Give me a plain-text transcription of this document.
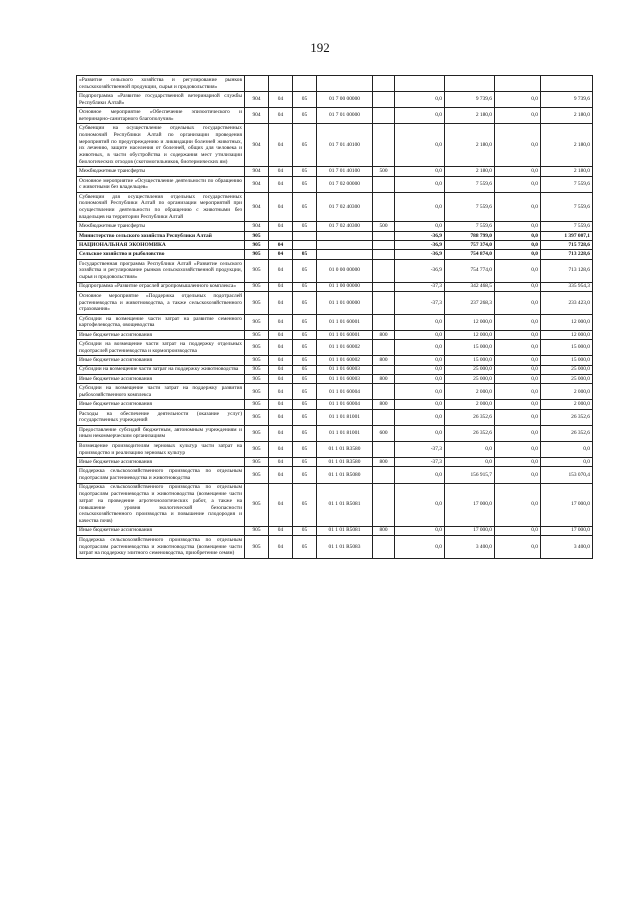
192
«Развитие сельского хозяйства и регулирование рынков сельскохозяйственной продукции, сырья и продовольствия»									
Подпрограмма «Развитие государственной ветеринарной службы Республики Алтай»	904	04	05	01 7 00 00000		0,0	9 739,6	0,0	9 739,6
Основное мероприятие «Обеспечение эпизоотического и ветеринарно-санитарного благополучия»	904	04	05	01 7 01 00000		0,0	2 180,0	0,0	2 180,0
Субвенции на осуществление отдельных государственных полномочий Республики Алтай по организации проведения мероприятий по предупреждению и ликвидации болезней животных, их лечению, защите населения от болезней, общих для человека и животных, в части обустройства и содержания мест утилизации биологических отходов (скотомогильников, биотермических ям)	904	04	05	01 7 01 40100		0,0	2 180,0	0,0	2 180,0
Межбюджетные трансферты	904	04	05	01 7 01 40100	500	0,0	2 180,0	0,0	2 180,0
Основное мероприятие «Осуществление деятельности по обращению с животными без владельцев»	904	04	05	01 7 02 00000		0,0	7 559,6	0,0	7 559,6
Субвенции для осуществления отдельных государственных полномочий Республики Алтай по организации мероприятий при осуществлении деятельности по обращению с животными без владельцев на территории Республики Алтай	904	04	05	01 7 02 40300		0,0	7 559,6	0,0	7 559,6
Межбюджетные трансферты	904	04	05	01 7 02 40300	500	0,0	7 559,6	0,0	7 559,6
Министерство сельского хозяйства Республики Алтай	905					-36,9	788 799,0	0,0	1 397 007,1
НАЦИОНАЛЬНАЯ ЭКОНОМИКА	905	04				-36,9	757 374,0	0,0	715 728,6
Сельское хозяйство и рыболовство	905	04	05			-36,9	754 874,0	0,0	713 228,6
Государственная программа Республики Алтай «Развитие сельского хозяйства и регулирование рынков сельскохозяйственной продукции, сырья и продовольствия»	905	04	05	01 0 00 00000		-36,9	754 774,0	0,0	713 128,6
Подпрограмма «Развитие отраслей агропромышленного комплекса»	905	04	05	01 1 00 00000		-37,3	342 468,5	0,0	335 954,3
Основное мероприятие «Поддержка отдельных подотраслей растениеводства и животноводства, а также сельскохозяйственного страхования»	905	04	05	01 1 01 00000		-37,3	237 268,3	0,0	233 423,0
Субсидии на возмещение части затрат на развитие семенного картофелеводства, овощеводства	905	04	05	01 1 01 60001		0,0	12 000,0	0,0	12 000,0
Иные бюджетные ассигнования	905	04	05	01 1 01 60001	800	0,0	12 000,0	0,0	12 000,0
Субсидии на возмещение части затрат на поддержку отдельных подотраслей растениеводства и кормопроизводства	905	04	05	01 1 01 60002		0,0	15 000,0	0,0	15 000,0
Иные бюджетные ассигнования	905	04	05	01 1 01 60002	800	0,0	15 000,0	0,0	15 000,0
Субсидии на возмещение части затрат на поддержку животноводства	905	04	05	01 1 01 60003		0,0	25 000,0	0,0	25 000,0
Иные бюджетные ассигнования	905	04	05	01 1 01 60003	800	0,0	25 000,0	0,0	25 000,0
Субсидии на возмещение части затрат на поддержку развития рыбохозяйственного комплекса	905	04	05	01 1 01 60004		0,0	2 000,0	0,0	2 000,0
Иные бюджетные ассигнования	905	04	05	01 1 01 60004	800	0,0	2 000,0	0,0	2 000,0
Расходы на обеспечение деятельности (оказание услуг) государственных учреждений	905	04	05	01 1 01 81001		0,0	26 352,6	0,0	26 352,6
Предоставление субсидий бюджетным, автономным учреждениям и иным некоммерческим организациям	905	04	05	01 1 01 81001	600	0,0	26 352,6	0,0	26 352,6
Возмещение производителям зерновых культур части затрат на производство и реализацию зерновых культур	905	04	05	01 1 01 R3580		-37,3	0,0	0,0	0,0
Иные бюджетные ассигнования	905	04	05	01 1 01 R3580	800	-37,3	0,0	0,0	0,0
Поддержка сельскохозяйственного производства по отдельным подотраслям растениеводства и животноводства	905	04	05	01 1 01 R5080		0,0	156 915,7	0,0	153 070,4
Поддержка сельскохозяйственного производства по отдельным подотраслям растениеводства и животноводства (возмещение части затрат на проведение агротехнологических работ, а также на повышение уровня экологической безопасности сельскохозяйственного производства и повышение плодородия и качества почв)	905	04	05	01 1 01 R5081		0,0	17 000,0	0,0	17 000,0
Иные бюджетные ассигнования	905	04	05	01 1 01 R5081	800	0,0	17 000,0	0,0	17 000,0
Поддержка сельскохозяйственного производства по отдельным подотраслям растениеводства и животноводства (возмещение части затрат на поддержку элитного семеноводства, приобретение семян)	905	04	05	01 1 01 R5083		0,0	3 400,0	0,0	3 400,0
